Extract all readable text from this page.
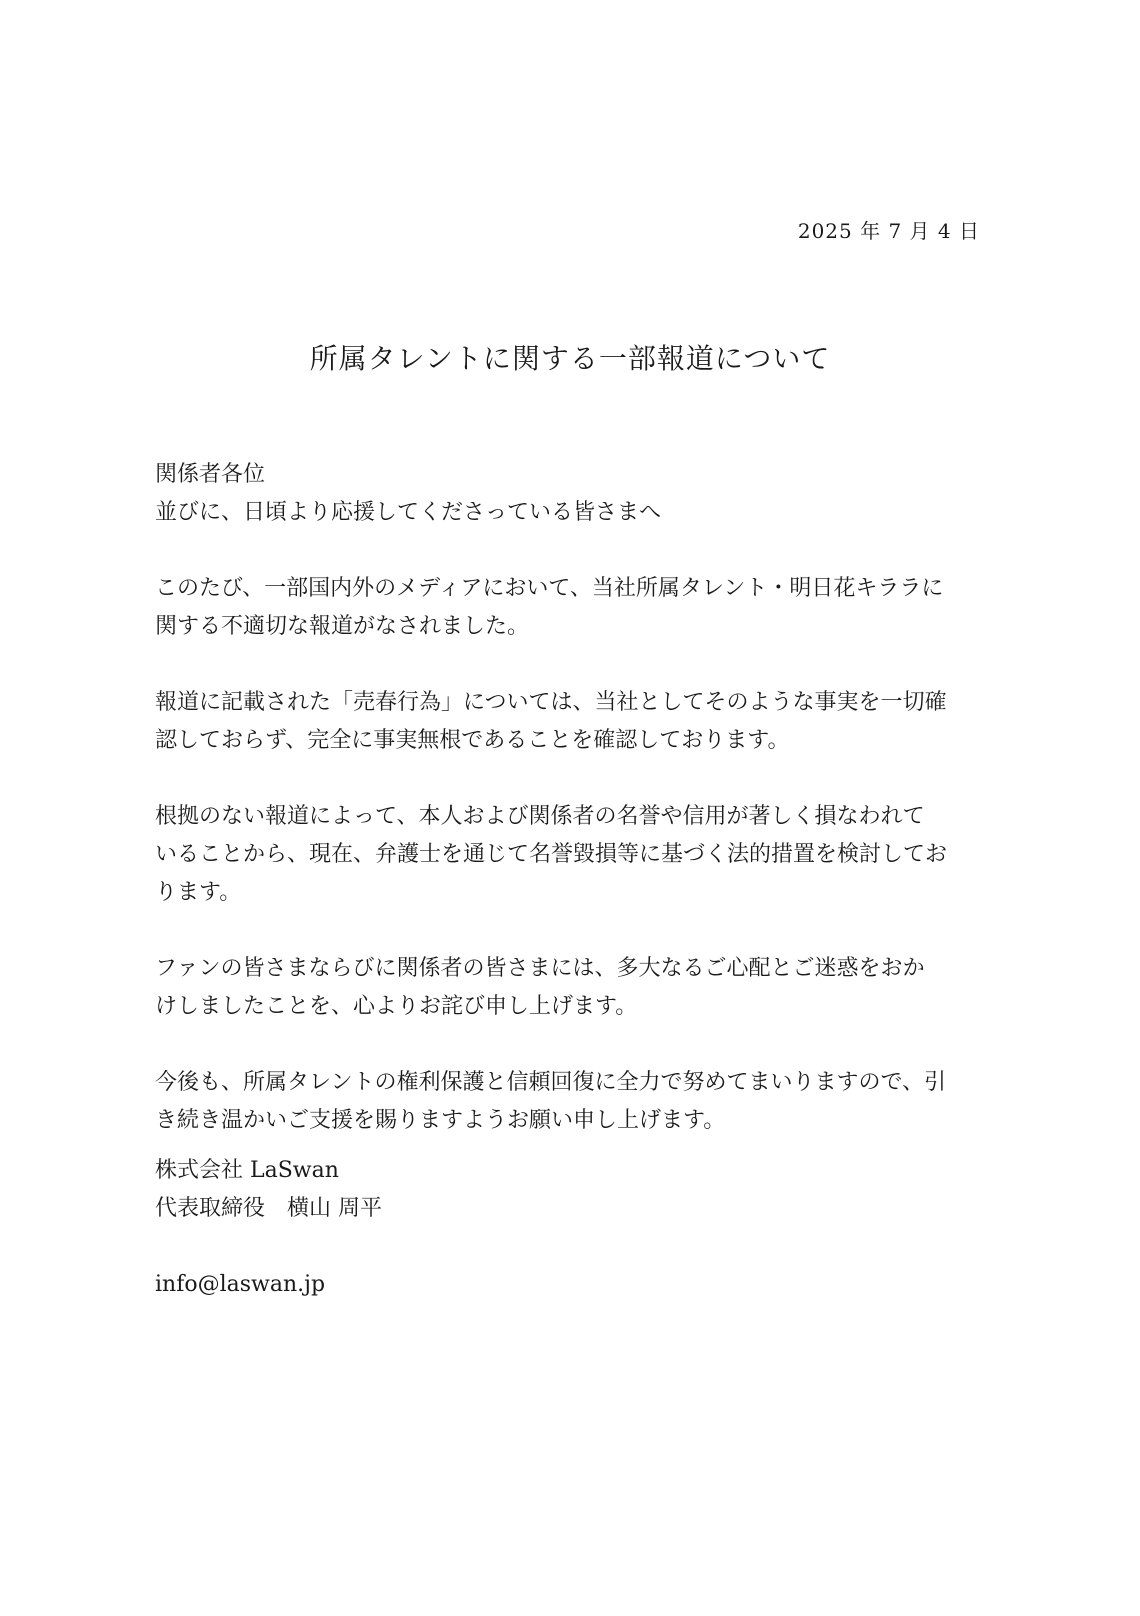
2025 年 7 月 4 日
所属タレントに関する一部報道について
関係者各位
並びに、日頃より応援してくださっている皆さまへ
このたび、一部国内外のメディアにおいて、当社所属タレント・明日花キララに
関する不適切な報道がなされました。
報道に記載された「売春行為」については、当社としてそのような事実を一切確
認しておらず、完全に事実無根であることを確認しております。
根拠のない報道によって、本人および関係者の名誉や信用が著しく損なわれて
いることから、現在、弁護士を通じて名誉毀損等に基づく法的措置を検討してお
ります。
ファンの皆さまならびに関係者の皆さまには、多大なるご心配とご迷惑をおか
けしましたことを、心よりお詫び申し上げます。
今後も、所属タレントの権利保護と信頼回復に全力で努めてまいりますので、引
き続き温かいご支援を賜りますようお願い申し上げます。
株式会社 LaSwan
代表取締役　横山 周平
info@laswan.jp
